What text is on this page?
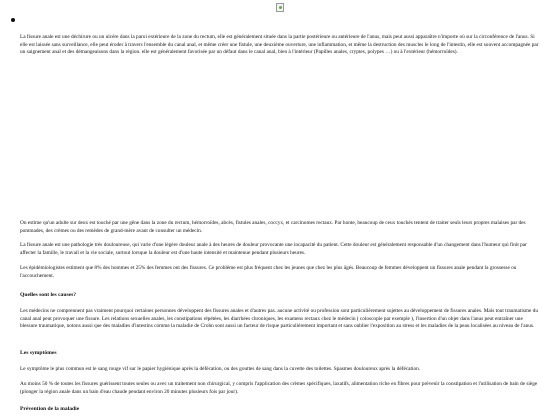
La fissure anale est une déchirure ou un ulcère dans la paroi extérieure de la zone du rectum, elle est généralement située dans la partie postérieure ou antérieure de l'anus, mais peut aussi apparaître n'importe où sur la circonférence de l'anus. Si elle est laissée sans surveillance, elle peut éroder à travers l'ensemble du canal anal, et même créer une fistule, une deuxième ouverture, une inflammation, et même la destruction des muscles le long de l'intestin, elle est souvent accompagnée par un saignement anal et des démangeaisons dans la région. elle est généralement favorisée par un défaut dans le canal anal, bien à l'intérieur (Papilles anales, cryptes, polypes …) ou à l'extérieur (hémorroïdes).

On estime qu'un adulte sur deux est touché par une gêne dans la zone du rectum, hémorroïdes, abcès, fistules anales, coccyx, et carcinomes rectaux. Par honte, beaucoup de ceux touchés tentent de traiter seuls leurs propres malaises par des pommades, des crèmes ou des remèdes de grand-mère avant de consulter un médecin.

La fissure anale est une pathologie très douloureuse, qui varie d'une légère douleur anale à des heures de douleur provocante une incapacité du patient. Cette douleur est généralement responsable d'un changement dans l'humeur qui finit par affecter la famille, le travail et la vie sociale, surtout lorsque la douleur est d'une haute intensité et maintenue pendant plusieurs heures.

Les épidémiologistes estiment que 8% des hommes et 25% des femmes ont des fissures. Ce problème est plus fréquent chez les jeunes que chez les plus âgés. Beaucoup de femmes développent un fissures anale pendant la grossesse ou l'accouchement.

Quelles sont les causes?

Les médecins ne comprennent pas vraiment pourquoi certaines personnes développent des fissures anales et d'autres pas. aucune activité ou profession sont particulièrement sujettes au développement de fissures anales. Mais tout traumatisme du canal anal peut provoquer une fissure. Les relations sexuelles anales, les constipations répétées, les diarrhées chroniques, les examens rectaux chez le médecin ( coloscopie par exemple ), l'insertion d'un objet dans l'anus peut entraîner une blessure traumatique, notons aussi que des maladies d'intestins comme la maladie de Crohn sont aussi un facteur de risque particulièrement important et sans oublier l'exposition au stress et les maladies de la peau localisées au niveau de l'anus.

Les symptômes

Le symptôme le plus commun est le sang rouge vif sur le papier hygiénique après la défécation, ou des gouttes de sang dans la cuvette des toilettes. Spasmes douloureux après la défécation.

Au moins 50 % de toutes les fissures guérissent toutes seules ou avec un traitement non chirurgical, y compris l'application des crèmes spécifiques, laxatifs, alimentation riche en fibres pour prévenir la constipation et l'utilisation de bain de siège (plonger la région anale dans un bain d'eau chaude pendant environ 20 minutes plusieurs fois par jour).

Prévention de la maladie
